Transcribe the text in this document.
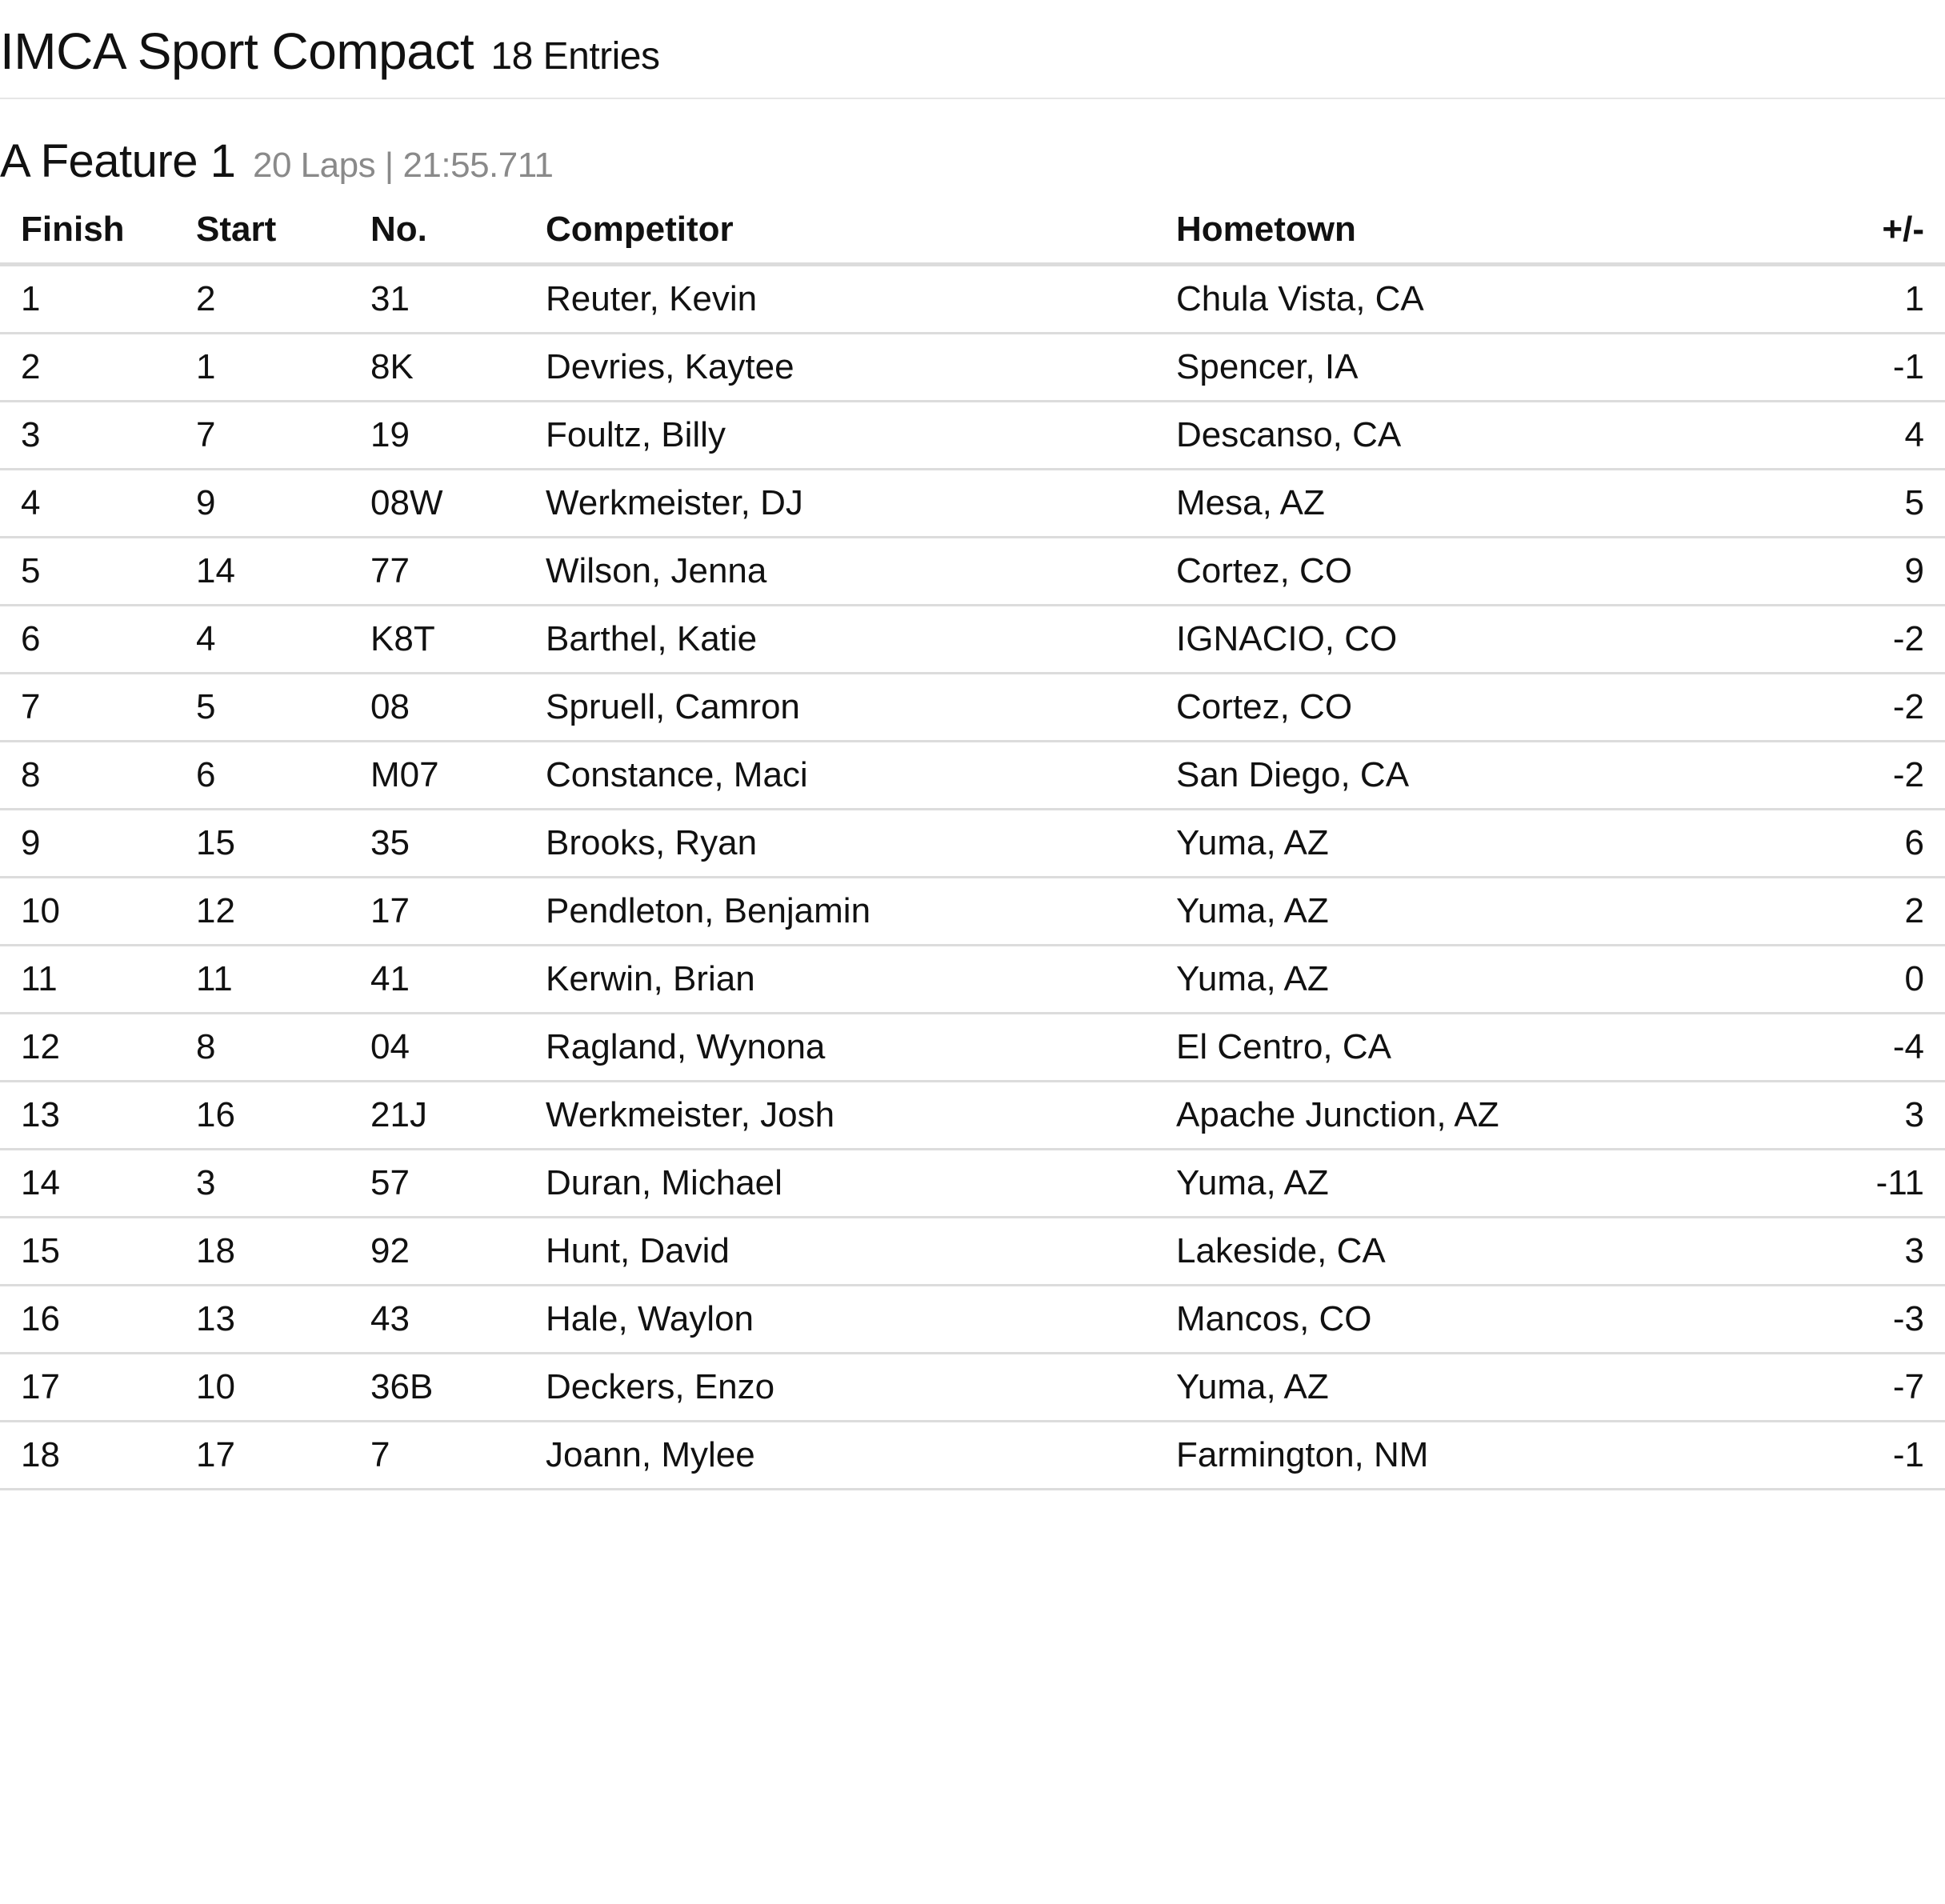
IMCA Sport Compact 18 Entries
A Feature 1 20 Laps | 21:55.711
Finish	Start	No.	Competitor	Hometown	+/-
1	2	31	Reuter, Kevin	Chula Vista, CA	1
2	1	8K	Devries, Kaytee	Spencer, IA	-1
3	7	19	Foultz, Billy	Descanso, CA	4
4	9	08W	Werkmeister, DJ	Mesa, AZ	5
5	14	77	Wilson, Jenna	Cortez, CO	9
6	4	K8T	Barthel, Katie	IGNACIO, CO	-2
7	5	08	Spruell, Camron	Cortez, CO	-2
8	6	M07	Constance, Maci	San Diego, CA	-2
9	15	35	Brooks, Ryan	Yuma, AZ	6
10	12	17	Pendleton, Benjamin	Yuma, AZ	2
11	11	41	Kerwin, Brian	Yuma, AZ	0
12	8	04	Ragland, Wynona	El Centro, CA	-4
13	16	21J	Werkmeister, Josh	Apache Junction, AZ	3
14	3	57	Duran, Michael	Yuma, AZ	-11
15	18	92	Hunt, David	Lakeside, CA	3
16	13	43	Hale, Waylon	Mancos, CO	-3
17	10	36B	Deckers, Enzo	Yuma, AZ	-7
18	17	7	Joann, Mylee	Farmington, NM	-1
